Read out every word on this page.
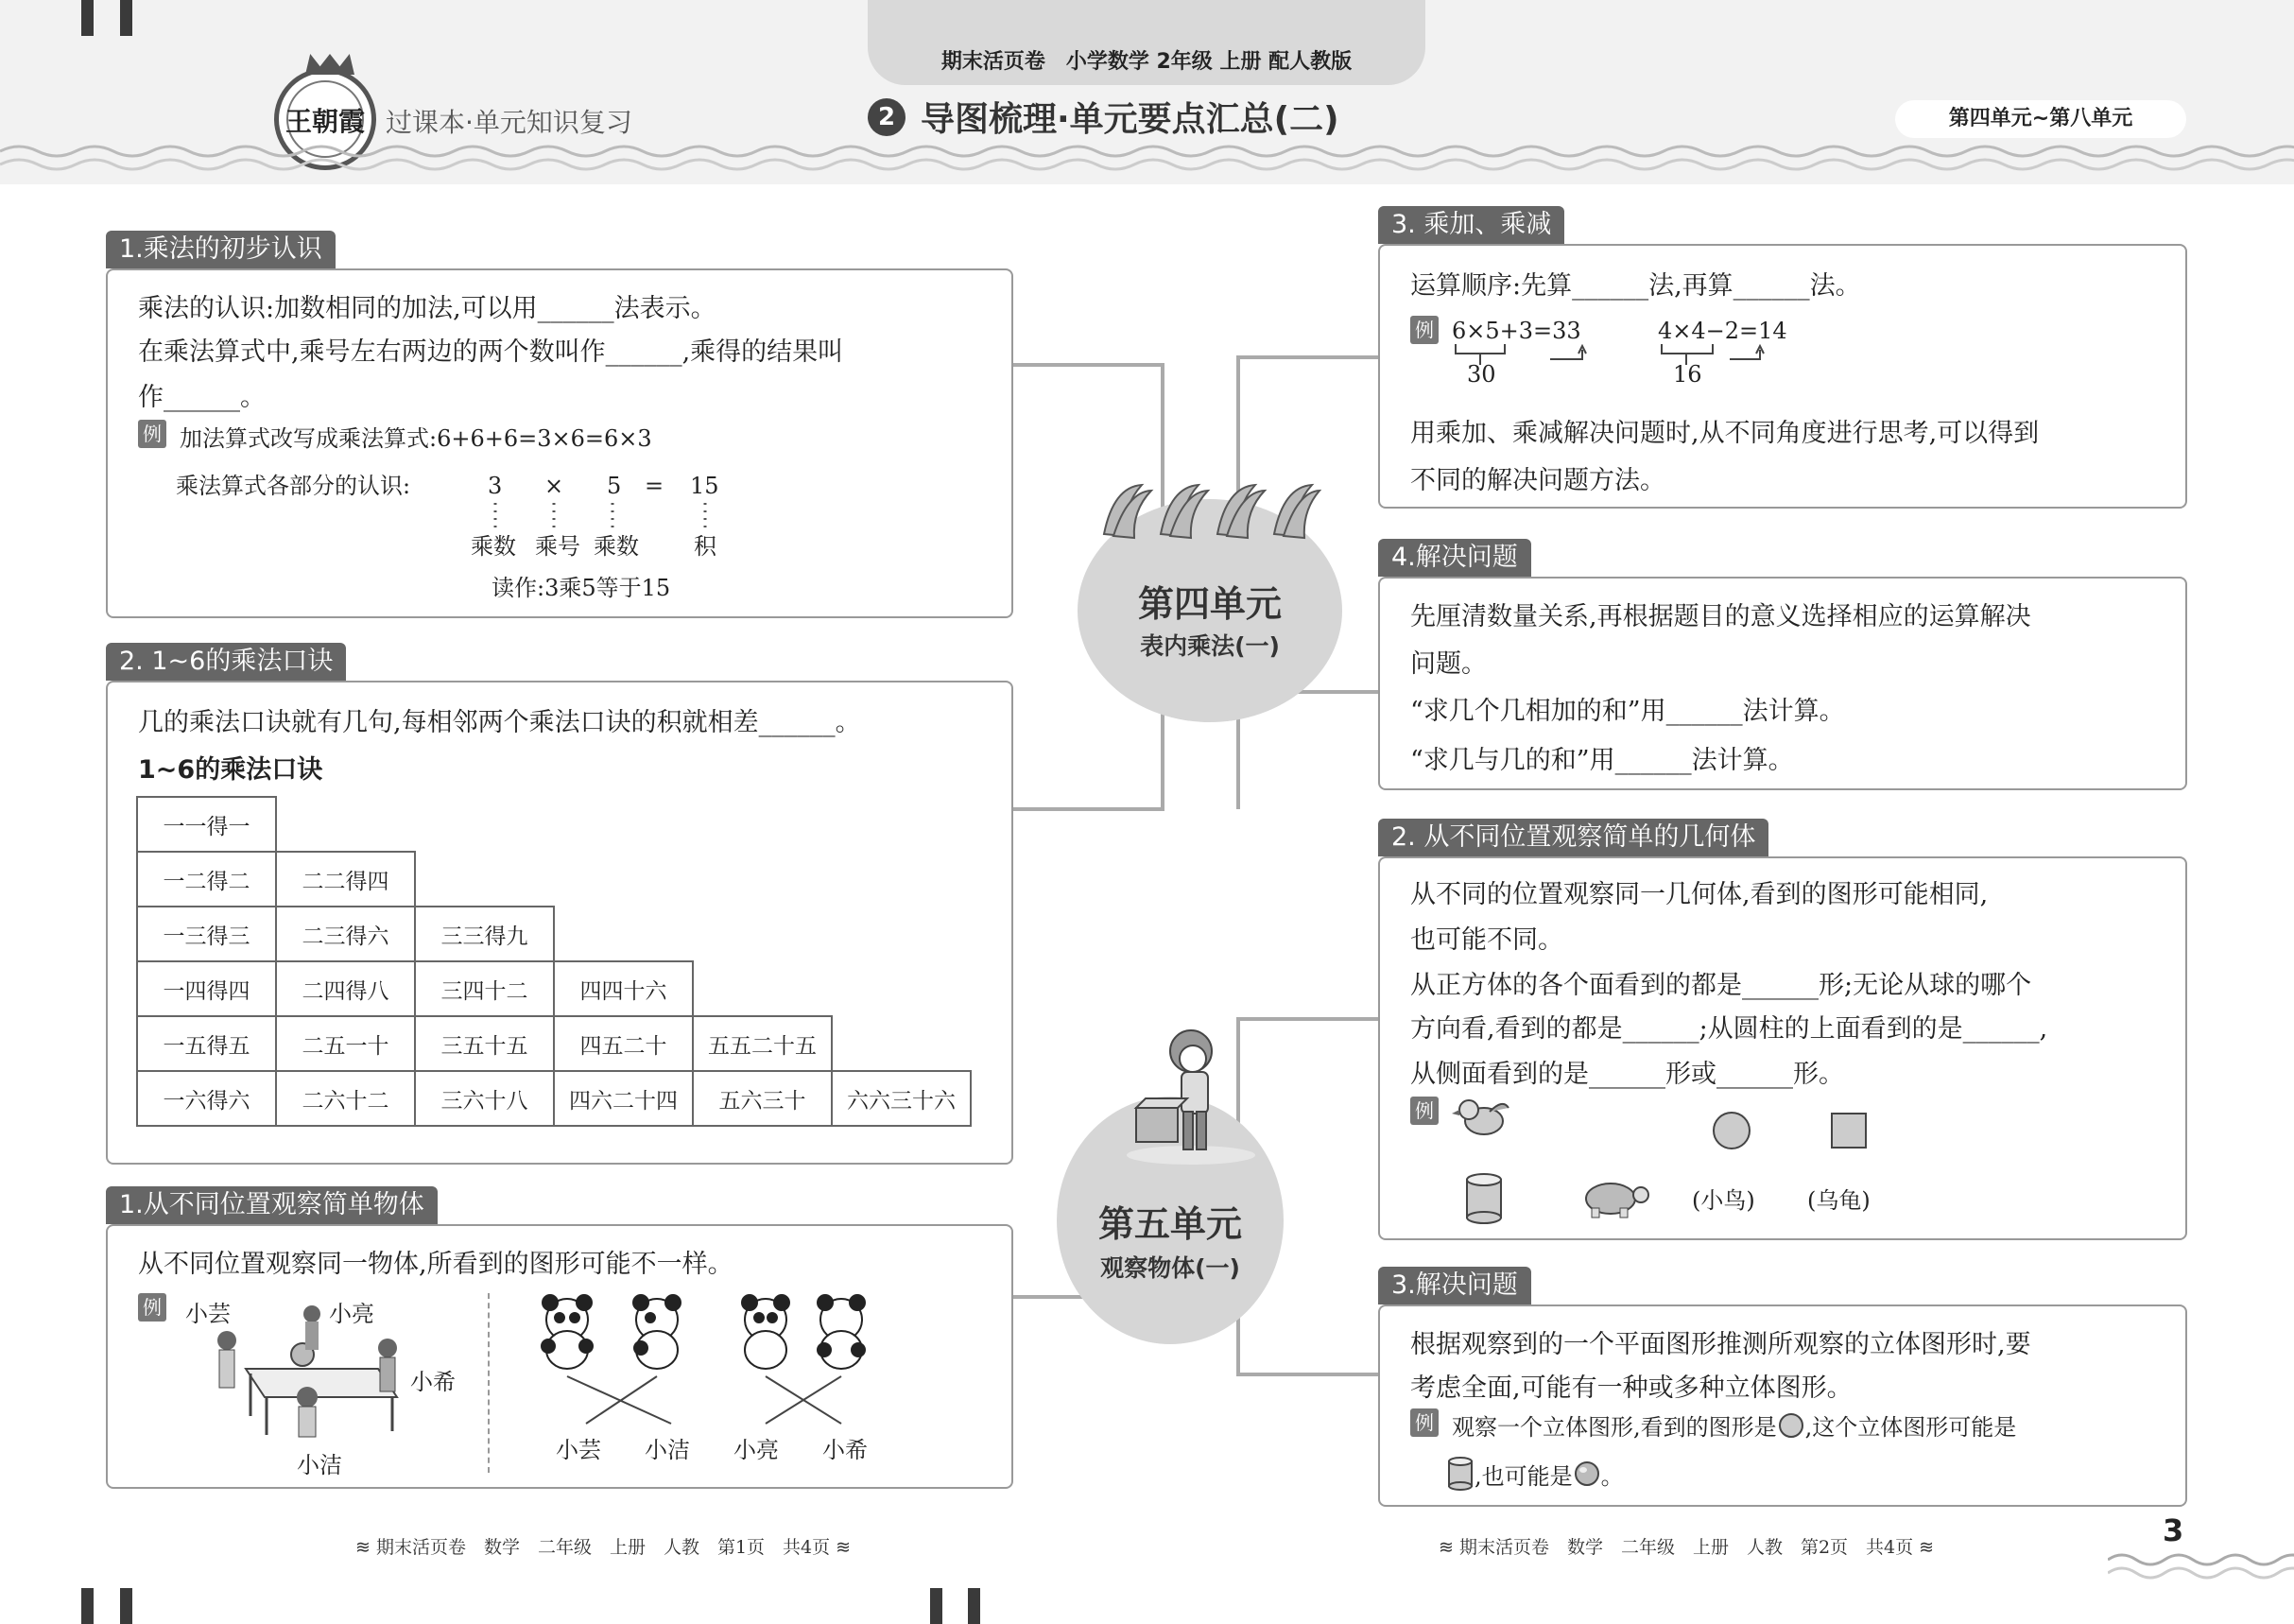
期末活页卷　小学数学 2年级 上册 配人教版
王朝霞 过课本·单元知识复习	2 导图梳理·单元要点汇总(二)	第四单元~第八单元
第四单元
表内乘法(一)
第五单元
观察物体(一)
1.乘法的初步认识
乘法的认识:加数相同的加法,可以用______法表示。
在乘法算式中,乘号左右两边的两个数叫作______,乘得的结果叫
作______。
例 加法算式改写成乘法算式:6+6+6=3×6=6×3
乘法算式各部分的认识:	3 × 5 = 15
乘数 乘号 乘数 积
读作:3乘5等于15
2. 1~6的乘法口诀
几的乘法口诀就有几句,每相邻两个乘法口诀的积就相差______。
1~6的乘法口诀
一一得一					
一二得二	二二得四				
一三得三	二三得六	三三得九			
一四得四	二四得八	三四十二	四四十六		
一五得五	二五一十	三五十五	四五二十	五五二十五	
一六得六	二六十二	三六十八	四六二十四	五六三十	六六三十六
1.从不同位置观察简单物体
从不同位置观察同一物体,所看到的图形可能不一样。
例 小芸	小亮
小希
小洁
小芸 小洁 小亮 小希
3. 乘加、乘减
运算顺序:先算______法,再算______法。
例 6×5+3=33	4×4−2=14
30	16
用乘加、乘减解决问题时,从不同角度进行思考,可以得到
不同的解决问题方法。
4.解决问题
先厘清数量关系,再根据题目的意义选择相应的运算解决
问题。
“求几个几相加的和”用______法计算。
“求几与几的和”用______法计算。
2. 从不同位置观察简单的几何体
从不同的位置观察同一几何体,看到的图形可能相同,
也可能不同。
从正方体的各个面看到的都是______形;无论从球的哪个
方向看,看到的都是______;从圆柱的上面看到的是______,
从侧面看到的是______形或______形。
例
(小鸟) (乌龟)
3.解决问题
根据观察到的一个平面图形推测所观察的立体图形时,要
考虑全面,可能有一种或多种立体图形。
例 观察一个立体图形,看到的图形是 ,这个立体图形可能是
,也可能是 。
≋ 期末活页卷　数学　二年级　上册　人教　第1页　共4页 ≋	≋ 期末活页卷　数学　二年级　上册　人教　第2页　共4页 ≋	3
